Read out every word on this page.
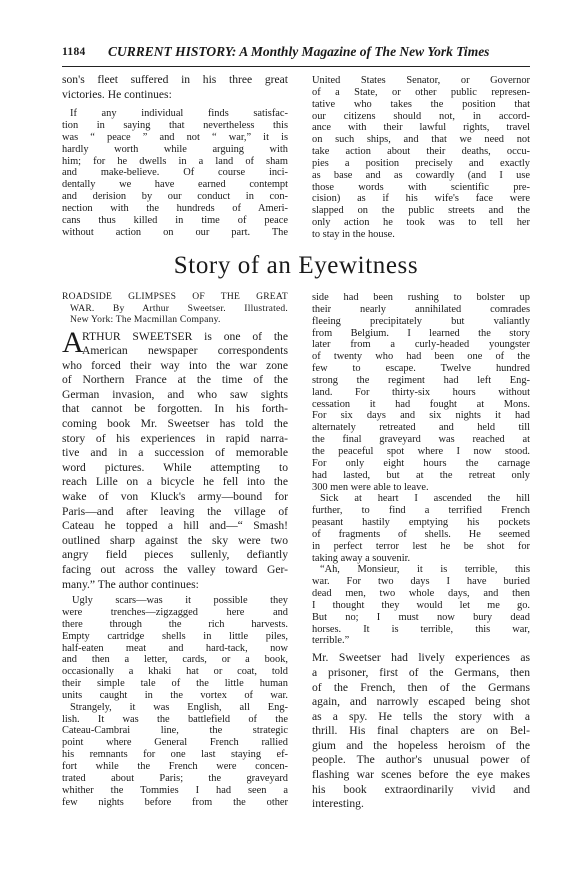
1184 CURRENT HISTORY: A Monthly Magazine of The New York Times
son's fleet suffered in his three great
victories. He continues:
If any individual finds satisfac-
tion in saying that nevertheless this
was “ peace ” and not “ war,” it is
hardly worth while arguing with
him; for he dwells in a land of sham
and make-believe. Of course inci-
dentally we have earned contempt
and derision by our conduct in con-
nection with the hundreds of Ameri-
cans thus killed in time of peace
without action on our part. The
United States Senator, or Governor
of a State, or other public represen-
tative who takes the position that
our citizens should not, in accord-
ance with their lawful rights, travel
on such ships, and that we need not
take action about their deaths, occu-
pies a position precisely and exactly
as base and as cowardly (and I use
those words with scientific pre-
cision) as if his wife's face were
slapped on the public streets and the
only action he took was to tell her
to stay in the house.
Story of an Eyewitness
ROADSIDE GLIMPSES OF THE GREAT
WAR. By Arthur Sweetser. Illustrated.
New York: The Macmillan Company.
A
RTHUR SWEETSER is one of the
American newspaper correspondents
who forced their way into the war zone
of Northern France at the time of the
German invasion, and who saw sights
that cannot be forgotten. In his forth-
coming book Mr. Sweetser has told the
story of his experiences in rapid narra-
tive and in a succession of memorable
word pictures. While attempting to
reach Lille on a bicycle he fell into the
wake of von Kluck's army—bound for
Paris—and after leaving the village of
Cateau he topped a hill and—“ Smash!
outlined sharp against the sky were two
angry field pieces sullenly, defiantly
facing out across the valley toward Ger-
many.” The author continues:
Ugly scars—was it possible they
were trenches—zigzagged here and
there through the rich harvests.
Empty cartridge shells in little piles,
half-eaten meat and hard-tack, now
and then a letter, cards, or a book,
occasionally a khaki hat or coat, told
their simple tale of the little human
units caught in the vortex of war.
Strangely, it was English, all Eng-
lish. It was the battlefield of the
Cateau-Cambrai line, the strategic
point where General French rallied
his remnants for one last staying ef-
fort while the French were concen-
trated about Paris; the graveyard
whither the Tommies I had seen a
few nights before from the other
side had been rushing to bolster up
their nearly annihilated comrades
fleeing precipitately but valiantly
from Belgium. I learned the story
later from a curly-headed youngster
of twenty who had been one of the
few to escape. Twelve hundred
strong the regiment had left Eng-
land. For thirty-six hours without
cessation it had fought at Mons.
For six days and six nights it had
alternately retreated and held till
the final graveyard was reached at
the peaceful spot where I now stood.
For only eight hours the carnage
had lasted, but at the retreat only
300 men were able to leave.
Sick at heart I ascended the hill
further, to find a terrified French
peasant hastily emptying his pockets
of fragments of shells. He seemed
in perfect terror lest he be shot for
taking away a souvenir.
“Ah, Monsieur, it is terrible, this
war. For two days I have buried
dead men, two whole days, and then
I thought they would let me go.
But no; I must now bury dead
horses. It is terrible, this war,
terrible.”
Mr. Sweetser had lively experiences as
a prisoner, first of the Germans, then
of the French, then of the Germans
again, and narrowly escaped being shot
as a spy. He tells the story with a
thrill. His final chapters are on Bel-
gium and the hopeless heroism of the
people. The author's unusual power of
flashing war scenes before the eye makes
his book extraordinarily vivid and
interesting.
